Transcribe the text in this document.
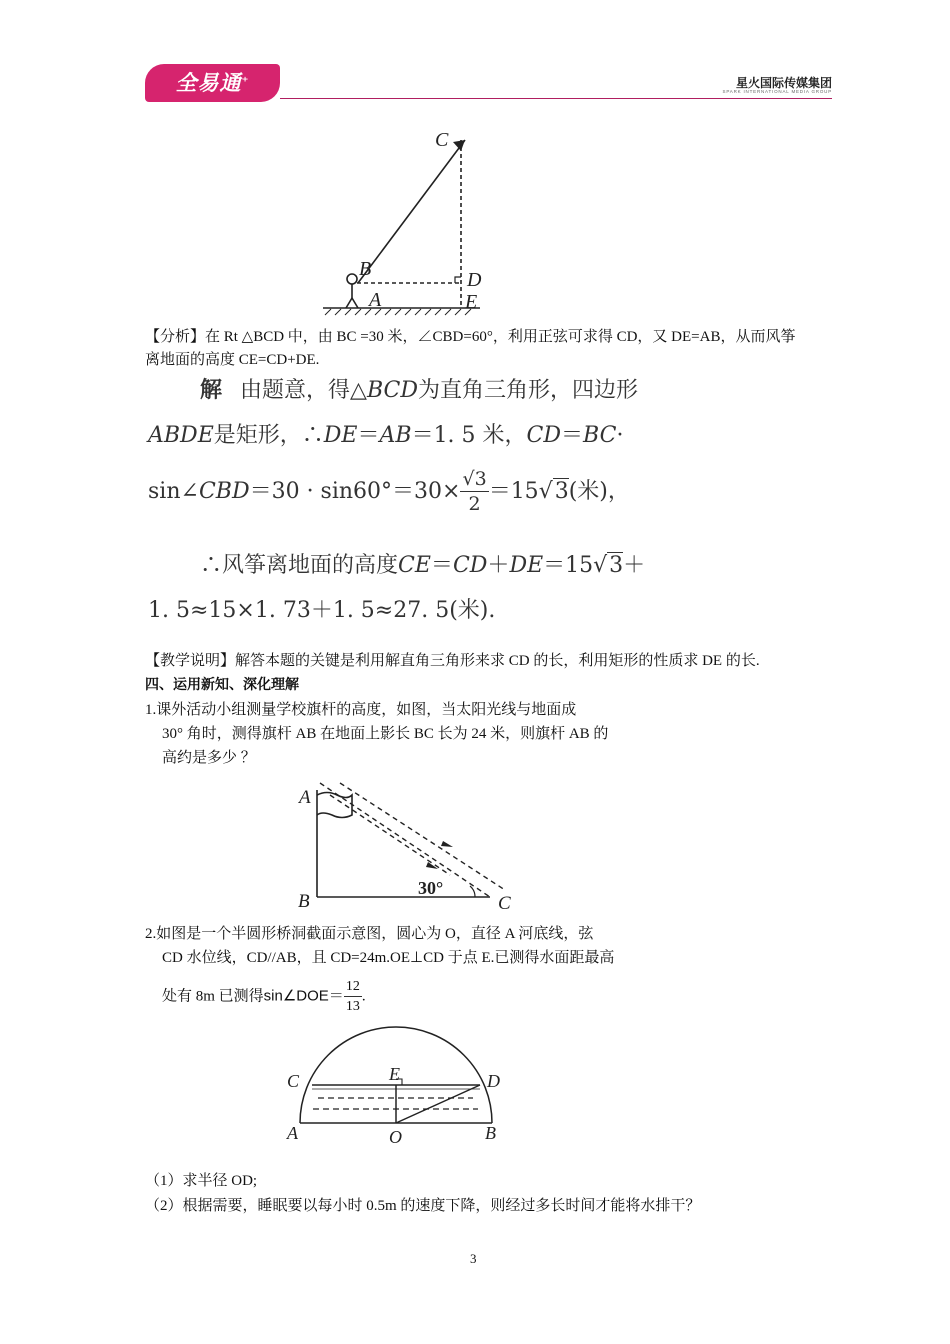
全易通⁺	星火国际传媒集团
SPARK INTERNATIONAL MEDIA GROUP
C
B	D
A	E
【分析】在 Rt △BCD 中，由 BC =30 米，∠CBD=60°，利用正弦可求得 CD，又 DE=AB，从而风筝
离地面的高度 CE=CD+DE.
解 由题意，得△BCD为直角三角形，四边形
ABDE是矩形，∴DE＝AB＝1. 5 米，CD＝BC·
sin∠CBD＝30 · $\sin 60^\circ=30\times \frac{√3}{2} =15√3$(米)，
∴风筝离地面的高度CE＝CD＋DE＝15√3＋
1. 5≈15×1. 73＋1. 5≈27. 5(米).
【教学说明】解答本题的关键是利用解直角三角形来求 CD 的长，利用矩形的性质求 DE 的长.
四、运用新知、深化理解
1.课外活动小组测量学校旗杆的高度，如图，当太阳光线与地面成
30° 角时，测得旗杆 AB 在地面上影长 BC 长为 24 米，则旗杆 AB 的
高约是多少 ？
A
B	C
30°
2.如图是一个半圆形桥洞截面示意图，圆心为 O，直径 A 河底线，弦
CD 水位线，CD//AB，且 CD=24m.OE⊥CD 于点 E.已测得水面距最高
处有 8m 已测得sin∠DOE＝ $\frac{12}{13}$ .
C	E	D
A	O	B
（1）求半径 OD;
（2）根据需要，睡眠要以每小时 0.5m 的速度下降，则经过多长时间才能将水排干？
3
